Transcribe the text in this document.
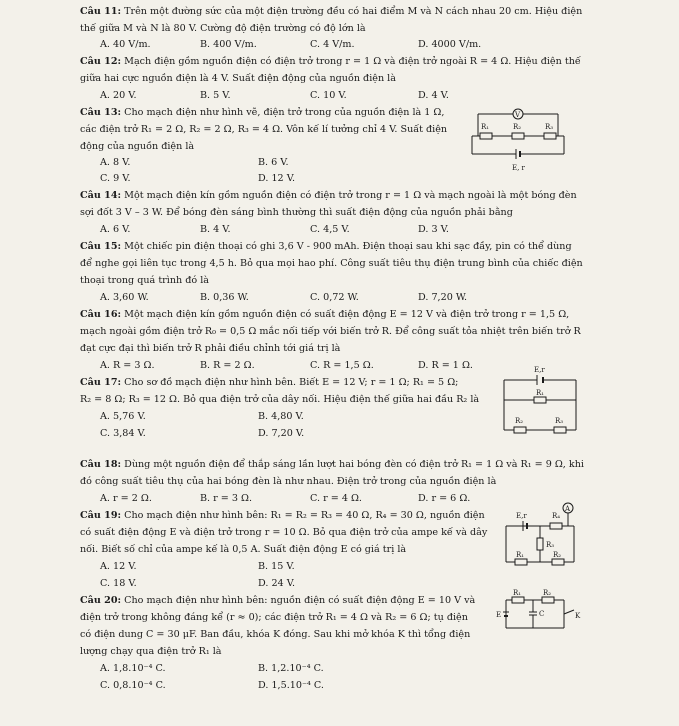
Câu 11: Trên một đường sức của một điện trường đều có hai điểm M và N cách nhau 20 cm. Hiệu điện
thế giữa M và N là 80 V. Cường độ điện trường có độ lớn là
A. 40 V/m.	B. 400 V/m.	C. 4 V/m.	D. 4000 V/m.
Câu 12: Mạch điện gồm nguồn điện có điện trở trong r = 1 Ω và điện trở ngoài R = 4 Ω. Hiệu điện thế
giữa hai cực nguồn điện là 4 V. Suất điện động của nguồn điện là
A. 20 V.	B. 5 V.	C. 10 V.	D. 4 V.
Câu 13: Cho mạch điện như hình vẽ, điện trở trong của nguồn điện là 1 Ω,
các điện trở R₁ = 2 Ω, R₂ = 2 Ω, R₃ = 4 Ω. Vôn kế lí tưởng chỉ 4 V. Suất điện
động của nguồn điện là
A. 8 V.	B. 6 V.
C. 9 V.	D. 12 V.
V
R₁	R₂	R₃
E, r
Câu 14: Một mạch điện kín gồm nguồn điện có điện trở trong r = 1 Ω và mạch ngoài là một bóng đèn
sợi đốt 3 V – 3 W. Để bóng đèn sáng bình thường thì suất điện động của nguồn phải bằng
A. 6 V.	B. 4 V.	C. 4,5 V.	D. 3 V.
Câu 15: Một chiếc pin điện thoại có ghi 3,6 V - 900 mAh. Điện thoại sau khi sạc đầy, pin có thể dùng
để nghe gọi liên tục trong 4,5 h. Bỏ qua mọi hao phí. Công suất tiêu thụ điện trung bình của chiếc điện
thoại trong quá trình đó là
A. 3,60 W.	B. 0,36 W.	C. 0,72 W.	D. 7,20 W.
Câu 16: Một mạch điện kín gồm nguồn điện có suất điện động E = 12 V và điện trở trong r = 1,5 Ω,
mạch ngoài gồm điện trở R₀ = 0,5 Ω mắc nối tiếp với biến trở R. Để công suất tỏa nhiệt trên biến trở R
đạt cực đại thì biến trở R phải điều chỉnh tới giá trị là
A. R = 3 Ω.	B. R = 2 Ω.	C. R = 1,5 Ω.	D. R = 1 Ω.
Câu 17: Cho sơ đồ mạch điện như hình bên. Biết E = 12 V; r = 1 Ω; R₁ = 5 Ω;
R₂ = 8 Ω; R₃ = 12 Ω. Bỏ qua điện trở của dây nối. Hiệu điện thế giữa hai đầu R₂ là
A. 5,76 V.	B. 4,80 V.
C. 3,84 V.	D. 7,20 V.
E,r
R₁
R₂	R₃
Câu 18: Dùng một nguồn điện để thắp sáng lần lượt hai bóng đèn có điện trở R₁ = 1 Ω và R₁ = 9 Ω, khi
đó công suất tiêu thụ của hai bóng đèn là như nhau. Điện trở trong của nguồn điện là
A. r = 2 Ω.	B. r = 3 Ω.	C. r = 4 Ω.	D. r = 6 Ω.
Câu 19: Cho mạch điện như hình bên: R₁ = R₂ = R₃ = 40 Ω, R₄ = 30 Ω, nguồn điện
có suất điện động E và điện trở trong r = 10 Ω. Bỏ qua điện trở của ampe kế và dây
nối. Biết số chỉ của ampe kế là 0,5 A. Suất điện động E có giá trị là
A. 12 V.	B. 15 V.
C. 18 V.	D. 24 V.
A
E,r	R₄
R₃
R₁	R₂
Câu 20: Cho mạch điện như hình bên: nguồn điện có suất điện động E = 10 V và
điện trở trong không đáng kể (r ≈ 0); các điện trở R₁ = 4 Ω và R₂ = 6 Ω; tụ điện
có điện dung C = 30 μF. Ban đầu, khóa K đóng. Sau khi mở khóa K thì tổng điện
lượng chạy qua điện trở R₁ là
A. 1,8.10⁻⁴ C.	B. 1,2.10⁻⁴ C.
C. 0,8.10⁻⁴ C.	D. 1,5.10⁻⁴ C.
R₁	R₂
C
E	K
